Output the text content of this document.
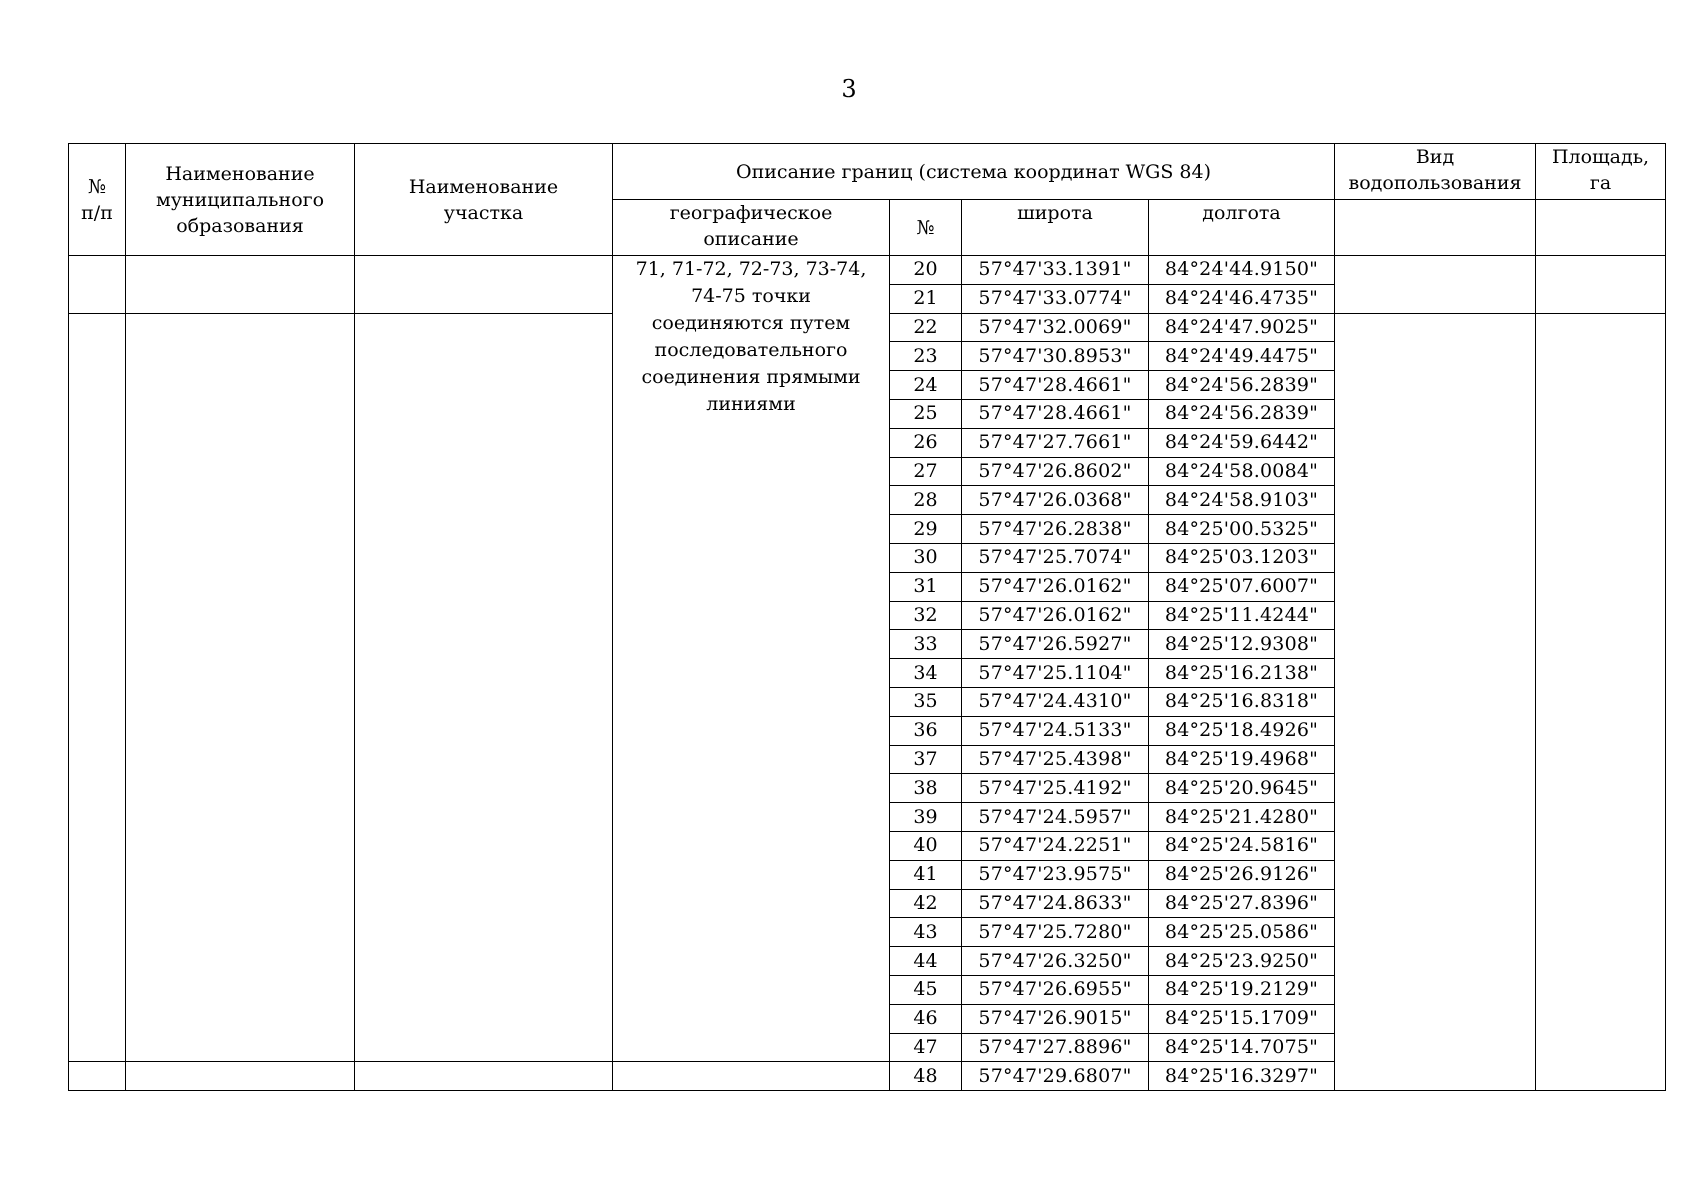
3
№
п/п	Наименование муниципального образования	Наименование участка	Описание границ (система координат WGS 84)				Вид водопользования	Площадь, га

			географическое описание	№	широта	долгота		

			71, 71-72, 72-73, 73-74, 74-75 точки соединяются путем последовательного соединения прямыми линиями	20	57°47'33.1391"	84°24'44.9150"		
				21	57°47'33.0774"	84°24'46.4735"		
				22	57°47'32.0069"	84°24'47.9025"		
				23	57°47'30.8953"	84°24'49.4475"		
				24	57°47'28.4661"	84°24'56.2839"		
				25	57°47'28.4661"	84°24'56.2839"		
				26	57°47'27.7661"	84°24'59.6442"		
				27	57°47'26.8602"	84°24'58.0084"		
				28	57°47'26.0368"	84°24'58.9103"		
				29	57°47'26.2838"	84°25'00.5325"		
				30	57°47'25.7074"	84°25'03.1203"		
				31	57°47'26.0162"	84°25'07.6007"		
				32	57°47'26.0162"	84°25'11.4244"		
				33	57°47'26.5927"	84°25'12.9308"		
				34	57°47'25.1104"	84°25'16.2138"		
				35	57°47'24.4310"	84°25'16.8318"		
				36	57°47'24.5133"	84°25'18.4926"		
				37	57°47'25.4398"	84°25'19.4968"		
				38	57°47'25.4192"	84°25'20.9645"		
				39	57°47'24.5957"	84°25'21.4280"		
				40	57°47'24.2251"	84°25'24.5816"		
				41	57°47'23.9575"	84°25'26.9126"		
				42	57°47'24.8633"	84°25'27.8396"		
				43	57°47'25.7280"	84°25'25.0586"		
				44	57°47'26.3250"	84°25'23.9250"		
				45	57°47'26.6955"	84°25'19.2129"		
				46	57°47'26.9015"	84°25'15.1709"		
				47	57°47'27.8896"	84°25'14.7075"		
				48	57°47'29.6807"	84°25'16.3297"		
